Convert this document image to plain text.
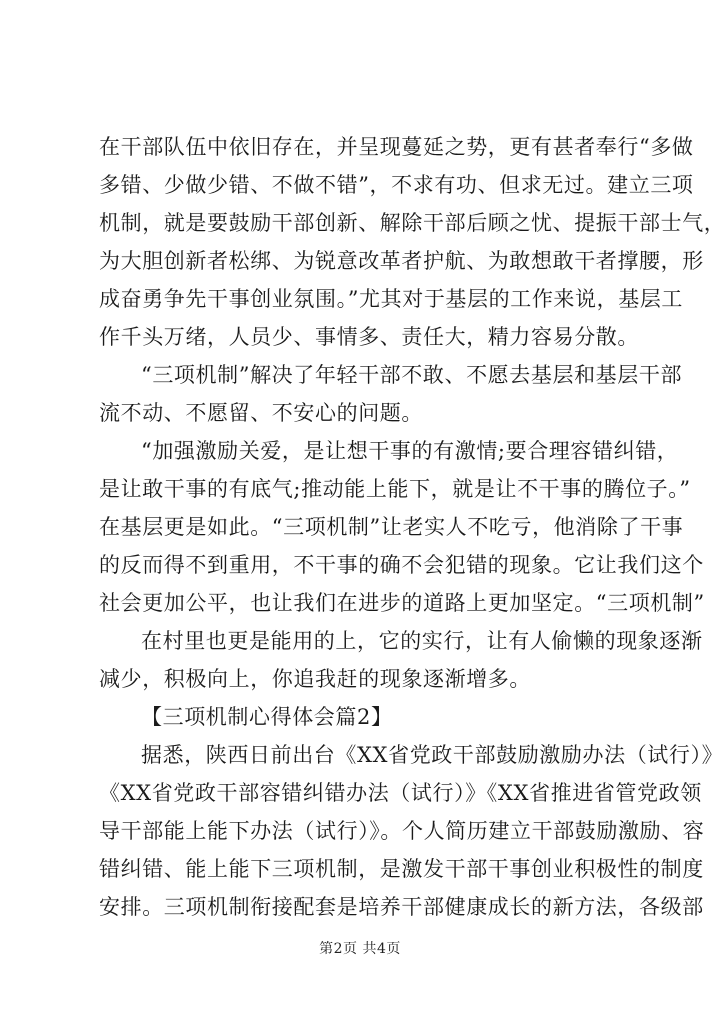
在干部队伍中依旧存在，并呈现蔓延之势，更有甚者奉行“多做
多错、少做少错、不做不错”，不求有功、但求无过。建立三项
机制，就是要鼓励干部创新、解除干部后顾之忧、提振干部士气，
为大胆创新者松绑、为锐意改革者护航、为敢想敢干者撑腰，形
成奋勇争先干事创业氛围。”尤其对于基层的工作来说，基层工
作千头万绪，人员少、事情多、责任大，精力容易分散。
“三项机制”解决了年轻干部不敢、不愿去基层和基层干部
流不动、不愿留、不安心的问题。
“加强激励关爱，是让想干事的有激情;要合理容错纠错，
是让敢干事的有底气;推动能上能下，就是让不干事的腾位子。”
在基层更是如此。“三项机制”让老实人不吃亏，他消除了干事
的反而得不到重用，不干事的确不会犯错的现象。它让我们这个
社会更加公平，也让我们在进步的道路上更加坚定。“三项机制”
在村里也更是能用的上，它的实行，让有人偷懒的现象逐渐
减少，积极向上，你追我赶的现象逐渐增多。
【三项机制心得体会篇2】
据悉，陕西日前出台《XX省党政干部鼓励激励办法（试行）》
《XX省党政干部容错纠错办法（试行）》《XX省推进省管党政领
导干部能上能下办法（试行）》。个人简历建立干部鼓励激励、容
错纠错、能上能下三项机制，是激发干部干事创业积极性的制度
安排。三项机制衔接配套是培养干部健康成长的新方法，各级部
第2页 共4页
